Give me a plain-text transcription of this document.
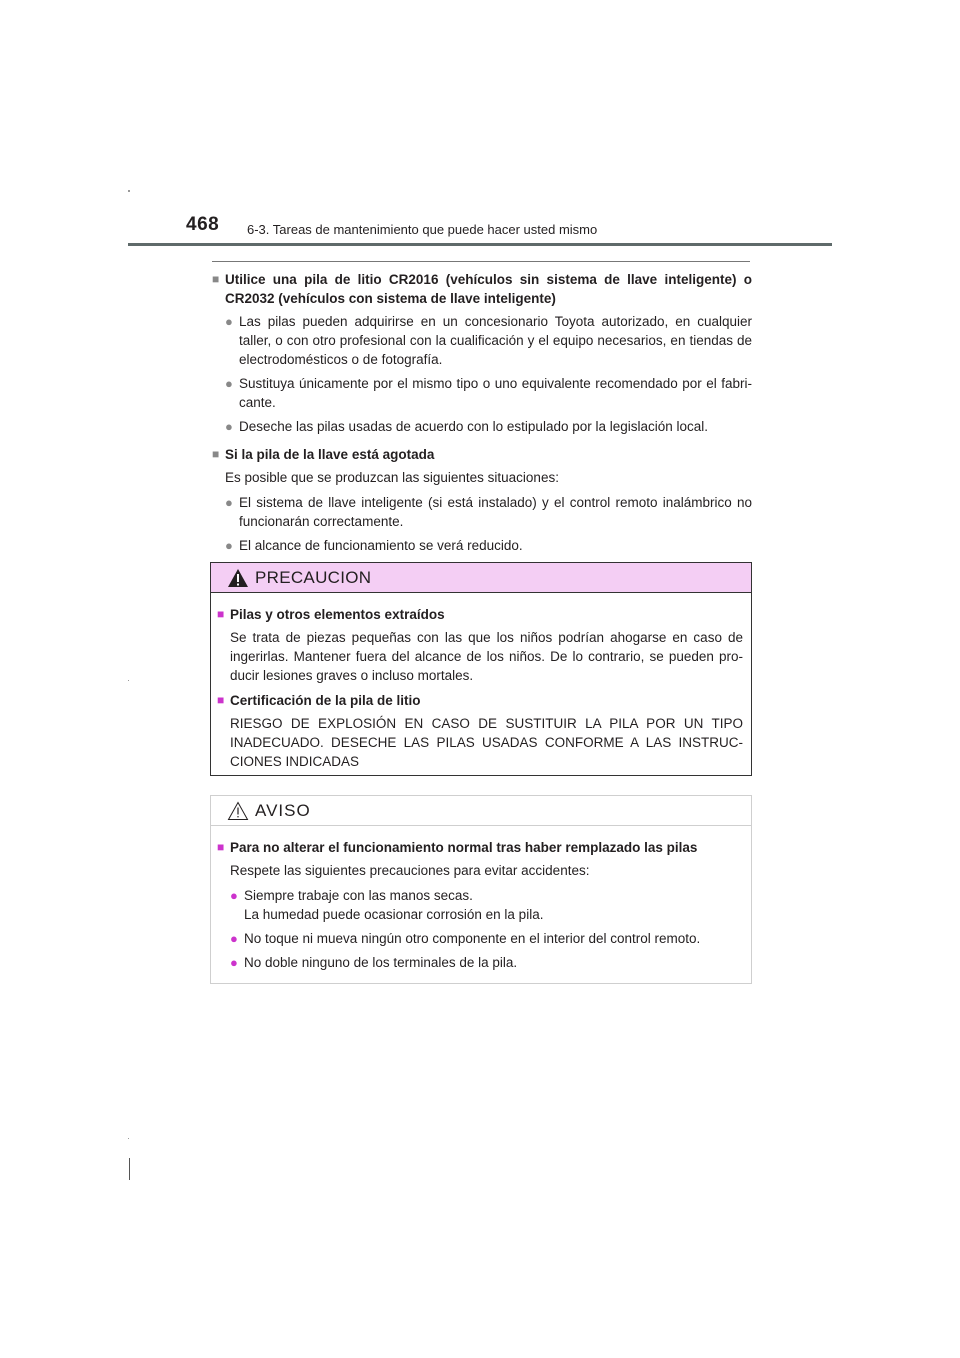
468 6-3. Tareas de mantenimiento que puede hacer usted mismo
■ Utilice una pila de litio CR2016 (vehículos sin sistema de llave inteligente) o CR2032 (vehículos con sistema de llave inteligente)
● Las pilas pueden adquirirse en un concesionario Toyota autorizado, en cualquier taller, o con otro profesional con la cualificación y el equipo necesarios, en tiendas de electrodomésticos o de fotografía.
● Sustituya únicamente por el mismo tipo o uno equivalente recomendado por el fabri-cante.
● Deseche las pilas usadas de acuerdo con lo estipulado por la legislación local.
■ Si la pila de la llave está agotada
Es posible que se produzcan las siguientes situaciones:
● El sistema de llave inteligente (si está instalado) y el control remoto inalámbrico no funcionarán correctamente.
● El alcance de funcionamiento se verá reducido.
PRECAUCION
■ Pilas y otros elementos extraídos
Se trata de piezas pequeñas con las que los niños podrían ahogarse en caso de ingerirlas. Mantener fuera del alcance de los niños. De lo contrario, se pueden pro-ducir lesiones graves o incluso mortales.
■ Certificación de la pila de litio
RIESGO DE EXPLOSIÓN EN CASO DE SUSTITUIR LA PILA POR UN TIPO INADECUADO. DESECHE LAS PILAS USADAS CONFORME A LAS INSTRUC-CIONES INDICADAS
AVISO
■ Para no alterar el funcionamiento normal tras haber remplazado las pilas
Respete las siguientes precauciones para evitar accidentes:
● Siempre trabaje con las manos secas.
La humedad puede ocasionar corrosión en la pila.
● No toque ni mueva ningún otro componente en el interior del control remoto.
● No doble ninguno de los terminales de la pila.
